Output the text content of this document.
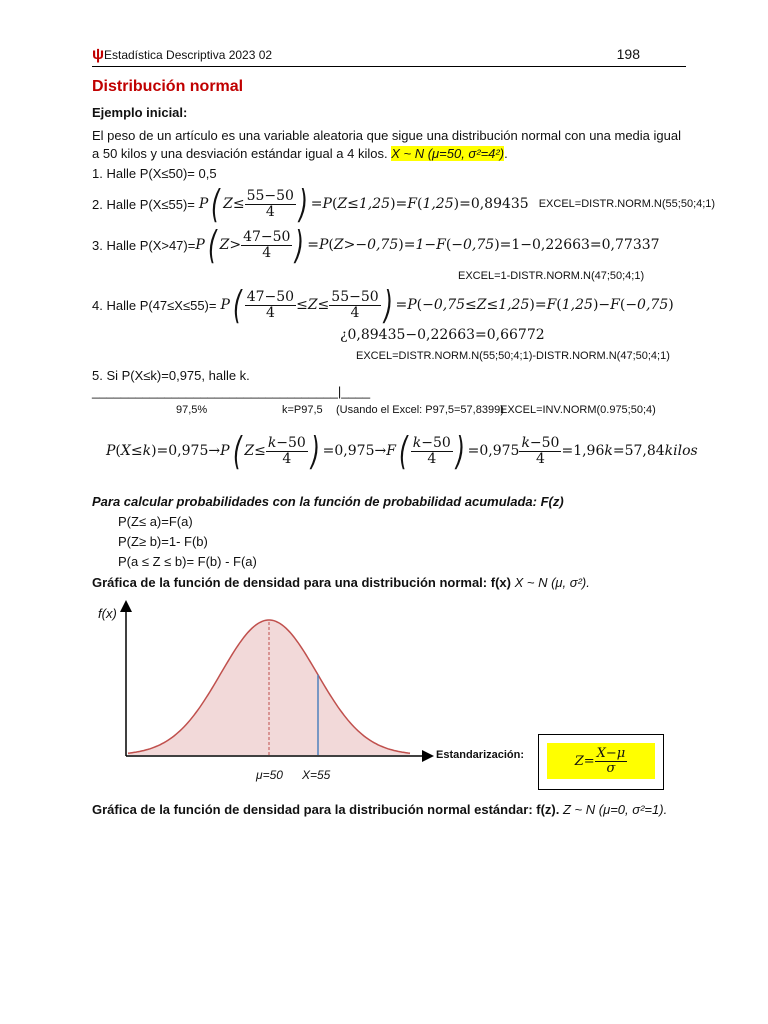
ψ Estadística Descriptiva 2023 02	198
Distribución normal
Ejemplo inicial:
El peso de un artículo es una variable aleatoria que sigue una distribución normal con una media igual
a 50 kilos y una desviación estándar igual a 4 kilos. X ~ N (μ=50, σ²=4²).
1. Halle P(X≤50)= 0,5
2. Halle P(X≤55)= P( $Z\le \frac{55-50}{4}$ ) =P(Z≤1,25)=F(1,25)=0,89435 EXCEL=DISTR.NORM.N(55;50;4;1)
3. Halle P(X>47)= P( $Z> \frac{47-50}{4}$ ) =P(Z>−0,75)=1−F(−0,75)=1−0,22663=0,77337
EXCEL=1-DISTR.NORM.N(47;50;4;1)
4. Halle $P(47\le X\le 55)= P( \frac{47-50}{4} \le Z\le \frac{55-50}{4}$ ) =P(−0,75≤Z≤1,25)=F(1,25)−F(−0,75)
¿0,89435−0,22663=0,66772
EXCEL=DISTR.NORM.N(55;50;4;1)-DISTR.NORM.N(47;50;4;1)
5. Si P(X≤k)=0,975, halle k.
__________________________________|____
97,5%	k=P97,5 (Usando el Excel: P97,5=57,8399)
EXCEL=INV.NORM(0.975;50;4)
P ( X≤k ) =0,975→ P ( $Z\le \frac{k-50}{4}$ ) =0,975→ F ( $\frac{k-50}{4}$ ) $=0,975 \frac{k-50}{4} =1,96$ k =57,84 kilos
Para calcular probabilidades con la función de probabilidad acumulada: F(z)
P(Z≤ a)=F(a)
P(Z≥ b)=1- F(b)
P(a ≤ Z ≤ b)= F(b) - F(a)
Gráfica de la función de densidad para una distribución normal: f(x) X ~ N (μ, σ²).
f(x)
μ=50 X=55
Estandarización:	$Z= \frac{X-\mu}{\sigma}$
Gráfica de la función de densidad para la distribución normal estándar: f(z). Z ~ N (μ=0, σ²=1).
